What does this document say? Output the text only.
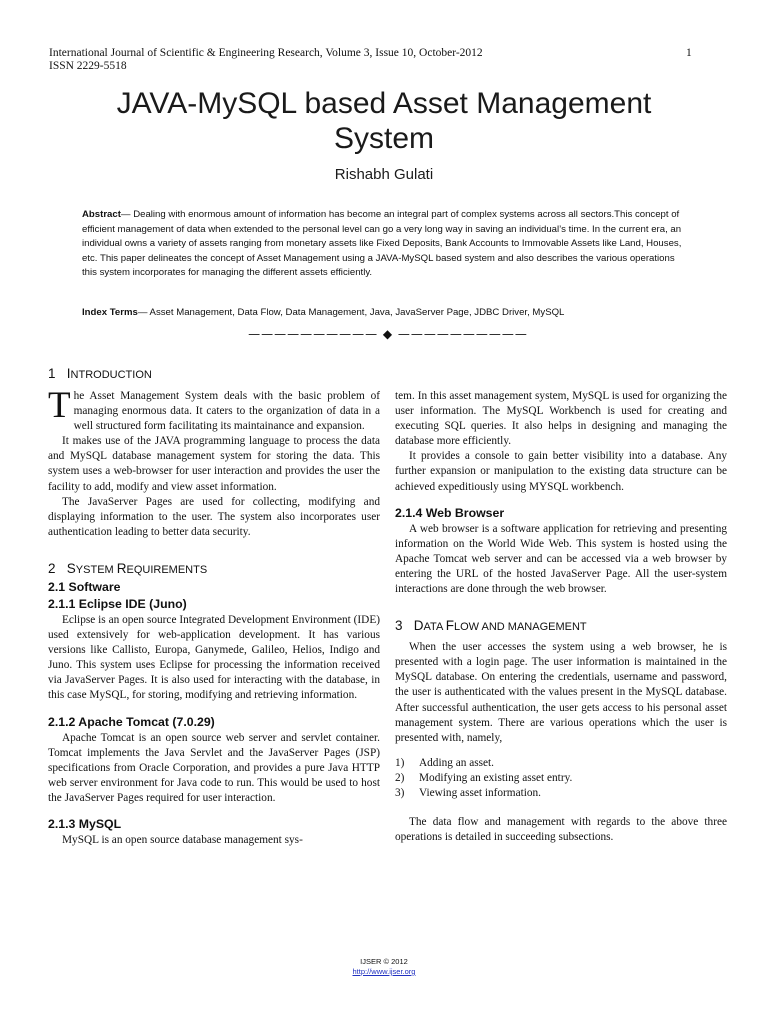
International Journal of Scientific & Engineering Research, Volume 3, Issue 10, October-2012
ISSN 2229-5518
1
JAVA-MySQL based Asset Management
System
Rishabh Gulati
Abstract— Dealing with enormous amount of information has become an integral part of complex systems across all sectors.This concept of efficient management of data when extended to the personal level can go a very long way in saving an individual’s time. In the current era, an individual owns a variety of assets ranging from monetary assets like Fixed Deposits, Bank Accounts to Immovable Assets like Land, Houses, etc. This paper delineates the concept of Asset Management using a JAVA-MySQL based system and also describes the various operations this system incorporates for managing the different assets efficiently.
Index Terms— Asset Management, Data Flow, Data Management, Java, JavaServer Page, JDBC Driver, MySQL
—————————— ◆ ——————————
1 INTRODUCTION

The Asset Management System deals with the basic problem of managing enormous data. It caters to the organization of data in a well structured form facilitating its maintainance and expansion.

It makes use of the JAVA programming language to process the data and MySQL database management system for storing the data. This system uses a web-browser for user interaction and provides the user the facility to add, modify and view asset information.

The JavaServer Pages are used for collecting, modifying and displaying information to the user. The system also incorporates user authentication leading to better data security.

2 SYSTEM REQUIREMENTS
2.1 Software
2.1.1 Eclipse IDE (Juno)

Eclipse is an open source Integrated Development Environment (IDE) used extensively for web-application development. It has various versions like Callisto, Europa, Ganymede, Galileo, Helios, Indigo and Juno. This system uses Eclipse for processing the information received via JavaServer Pages. It is also used for interacting with the database, in this case MySQL, for storing, modifying and retrieving information.

2.1.2 Apache Tomcat (7.0.29)

Apache Tomcat is an open source web server and servlet container. Tomcat implements the Java Servlet and the JavaServer Pages (JSP) specifications from Oracle Corporation, and provides a pure Java HTTP web server environment for Java code to run. This would be used to host the JavaServer Pages required for user interaction.

2.1.3 MySQL

MySQL is an open source database management sys-

tem. In this asset management system, MySQL is used for organizing the user information. The MySQL Workbench is used for creating and executing SQL queries. It also helps in designing and managing the database more efficiently.

It provides a console to gain better visibility into a database. Any further expansion or manipulation to the existing data structure can be achieved expeditiously using MYSQL workbench.

2.1.4 Web Browser

A web browser is a software application for retrieving and presenting information on the World Wide Web. This system is hosted using the Apache Tomcat web server and can be accessed via a web browser by entering the URL of the hosted JavaServer Page. All the user-system interactions are done through the web browser.

3 DATA FLOW AND MANAGEMENT

When the user accesses the system using a web browser, he is presented with a login page. The user information is maintained in the MySQL database. On entering the credentials, username and password, the user is authenticated with the values present in the MySQL database. After successful authentication, the user gets access to his personal asset management system. There are various operations which the user is presented with, namely,

1)	Adding an asset.
2)	Modifying an existing asset entry.
3)	Viewing asset information.

The data flow and management with regards to the above three operations is detailed in succeeding subsections.

IJSER © 2012
http://www.ijser.org
